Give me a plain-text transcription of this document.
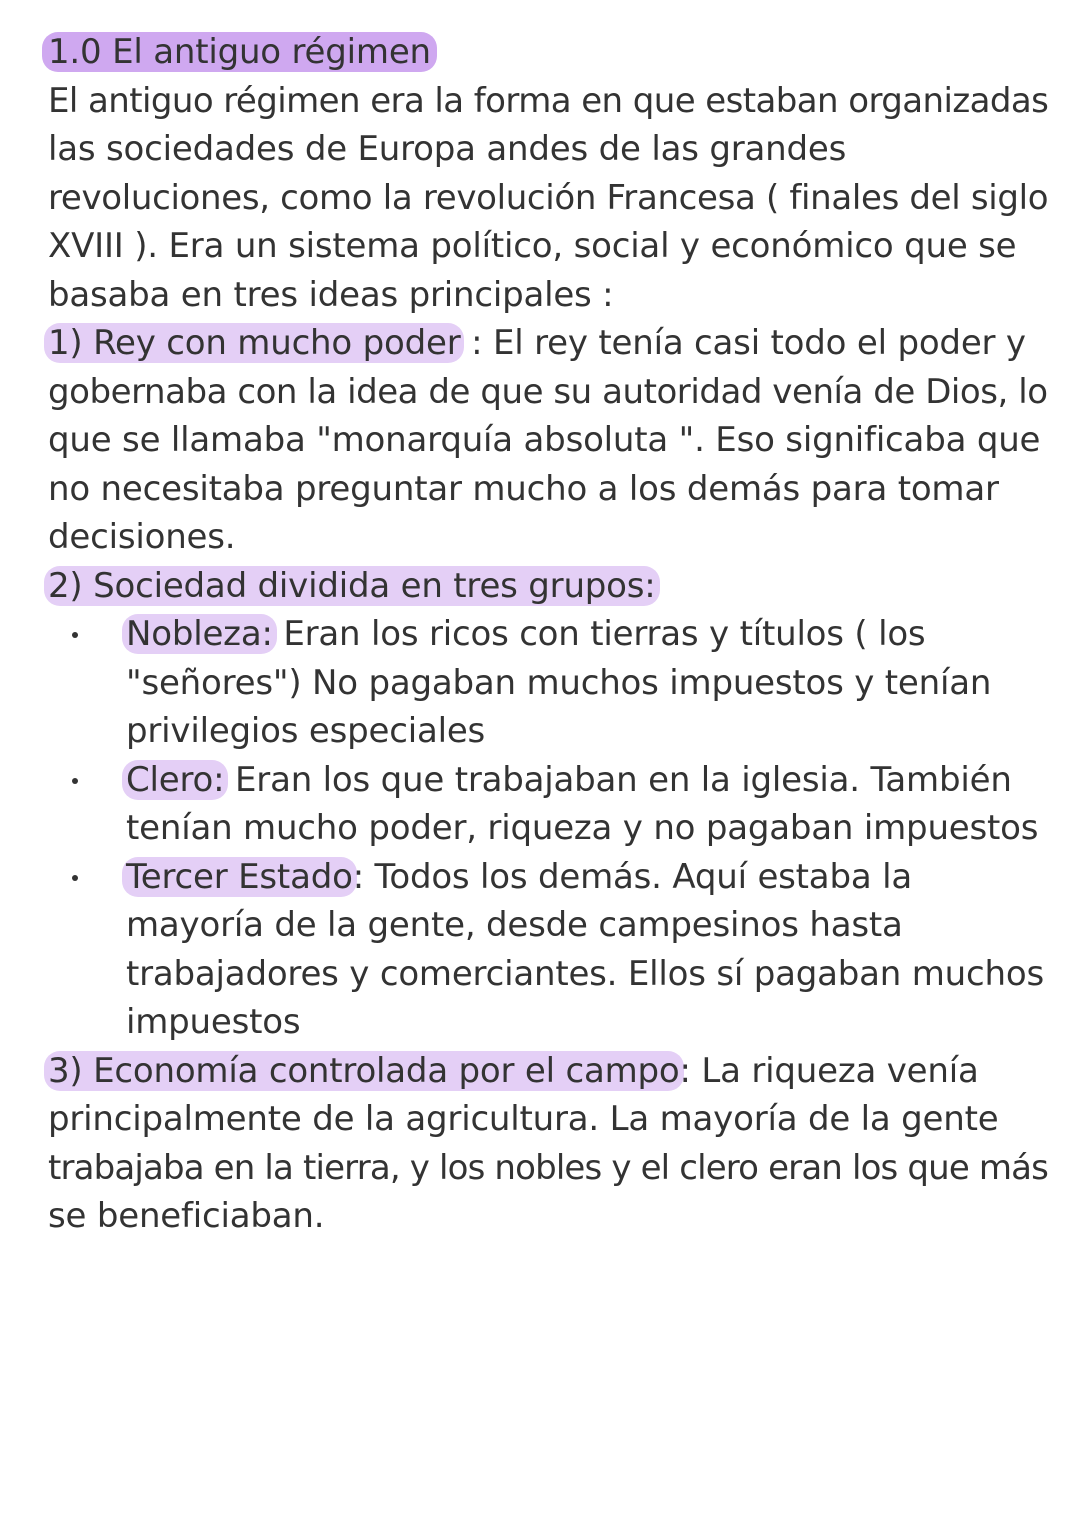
1.0 El antiguo régimen
El antiguo régimen era la forma en que estaban organizadas
las sociedades de Europa andes de las grandes
revoluciones, como la revolución Francesa ( finales del siglo
XVIII ). Era un sistema político, social y económico que se
basaba en tres ideas principales :
1) Rey con mucho poder : El rey tenía casi todo el poder y
gobernaba con la idea de que su autoridad venía de Dios, lo
que se llamaba "monarquía absoluta ". Eso significaba que
no necesitaba preguntar mucho a los demás para tomar
decisiones.
2) Sociedad dividida en tres grupos:
Nobleza: Eran los ricos con tierras y títulos ( los
"señores") No pagaban muchos impuestos y tenían
privilegios especiales
Clero: Eran los que trabajaban en la iglesia. También
tenían mucho poder, riqueza y no pagaban impuestos
Tercer Estado: Todos los demás. Aquí estaba la
mayoría de la gente, desde campesinos hasta
trabajadores y comerciantes. Ellos sí pagaban muchos
impuestos
3) Economía controlada por el campo: La riqueza venía
principalmente de la agricultura. La mayoría de la gente
trabajaba en la tierra, y los nobles y el clero eran los que más
se beneficiaban.
